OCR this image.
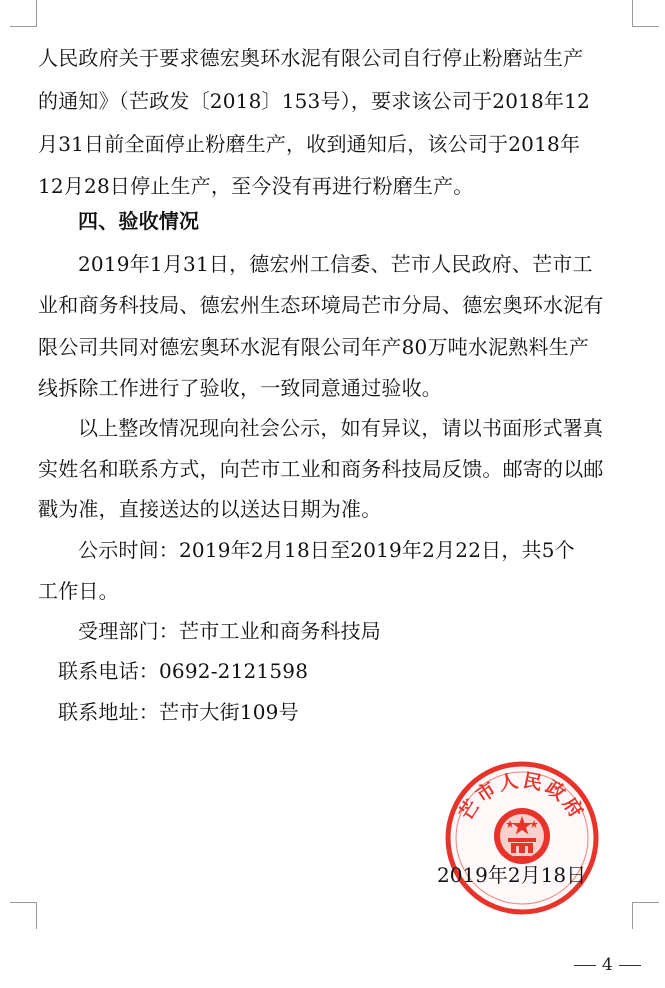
人民政府关于要求德宏奥环水泥有限公司自行停止粉磨站生产
的通知》（芒政发〔2018〕153号），要求该公司于2018年12
月31日前全面停止粉磨生产，收到通知后，该公司于2018年
12月28日停止生产，至今没有再进行粉磨生产。
四、验收情况
2019年1月31日，德宏州工信委、芒市人民政府、芒市工
业和商务科技局、德宏州生态环境局芒市分局、德宏奥环水泥有
限公司共同对德宏奥环水泥有限公司年产80万吨水泥熟料生产
线拆除工作进行了验收，一致同意通过验收。
以上整改情况现向社会公示，如有异议，请以书面形式署真
实姓名和联系方式，向芒市工业和商务科技局反馈。邮寄的以邮
戳为准，直接送达的以送达日期为准。
公示时间：2019年2月18日至2019年2月22日，共5个
工作日。
受理部门：芒市工业和商务科技局
联系电话：0692-2121598
联系地址：芒市大街109号
芒市人民政府
2019年2月18日
4
